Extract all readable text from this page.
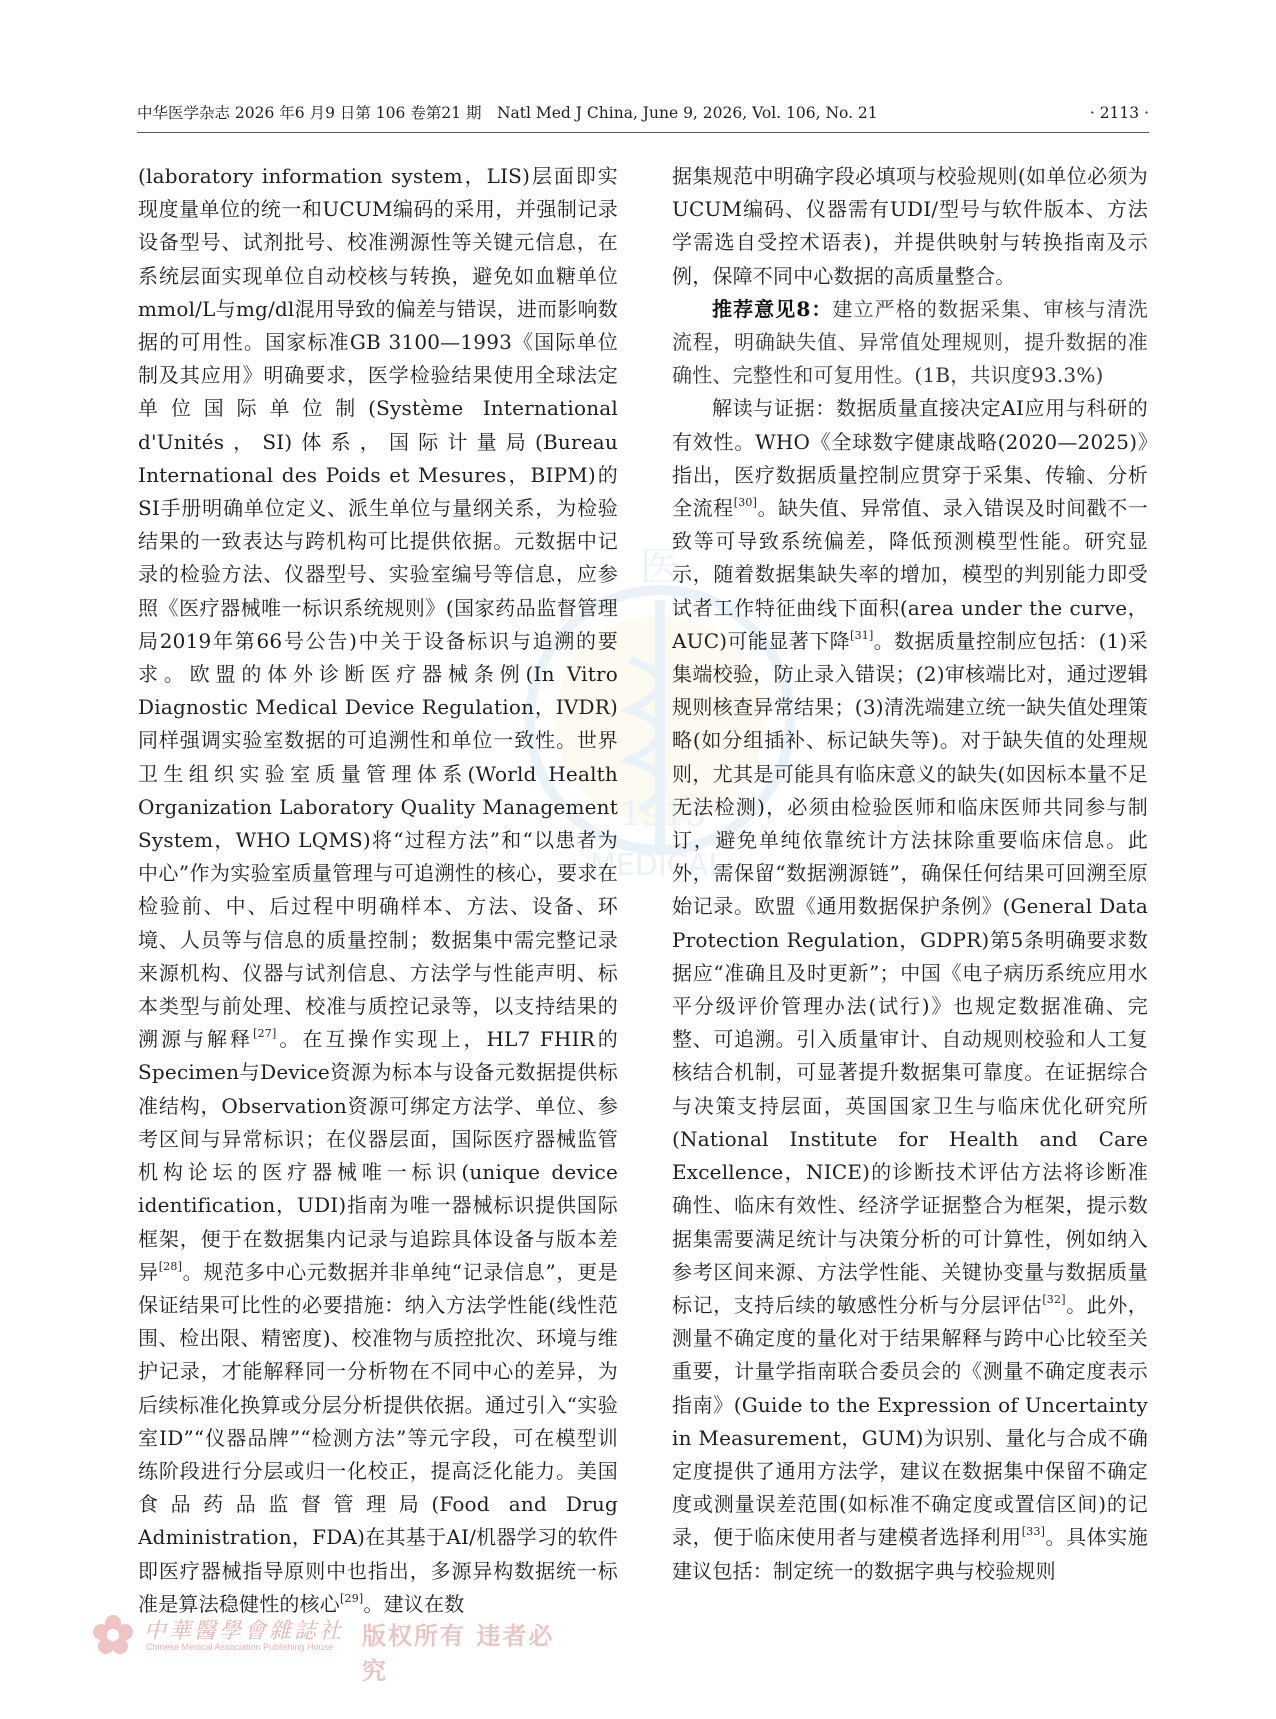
中华医学杂志 2026 年6 月9 日第 106 卷第21 期　Natl Med J China, June 9, 2026, Vol. 106, No. 21	· 2113 ·
医
1915
MEDICAL

(laboratory information system，LIS)层面即实现度量单位的统一和UCUM编码的采用，并强制记录设备型号、试剂批号、校准溯源性等关键元信息，在系统层面实现单位自动校核与转换，避免如血糖单位mmol/L与mg/dl混用导致的偏差与错误，进而影响数据的可用性。国家标准GB 3100—1993《国际单位制及其应用》明确要求，医学检验结果使用全球法定单位国际单位制(Système International d'Unités，SI)体系，国际计量局(Bureau International des Poids et Mesures，BIPM)的SI手册明确单位定义、派生单位与量纲关系，为检验结果的一致表达与跨机构可比提供依据。元数据中记录的检验方法、仪器型号、实验室编号等信息，应参照《医疗器械唯一标识系统规则》(国家药品监督管理局2019年第66号公告)中关于设备标识与追溯的要求。欧盟的体外诊断医疗器械条例(In Vitro Diagnostic Medical Device Regulation，IVDR)同样强调实验室数据的可追溯性和单位一致性。世界卫生组织实验室质量管理体系(World Health Organization Laboratory Quality Management System，WHO LQMS)将“过程方法”和“以患者为中心”作为实验室质量管理与可追溯性的核心，要求在检验前、中、后过程中明确样本、方法、设备、环境、人员等与信息的质量控制；数据集中需完整记录来源机构、仪器与试剂信息、方法学与性能声明、标本类型与前处理、校准与质控记录等，以支持结果的溯源与解释[27]。在互操作实现上，HL7 FHIR的Specimen与Device资源为标本与设备元数据提供标准结构，Observation资源可绑定方法学、单位、参考区间与异常标识；在仪器层面，国际医疗器械监管机构论坛的医疗器械唯一标识(unique device identification，UDI)指南为唯一器械标识提供国际框架，便于在数据集内记录与追踪具体设备与版本差异[28]。规范多中心元数据并非单纯“记录信息”，更是保证结果可比性的必要措施：纳入方法学性能(线性范围、检出限、精密度)、校准物与质控批次、环境与维护记录，才能解释同一分析物在不同中心的差异，为后续标准化换算或分层分析提供依据。通过引入“实验室ID”“仪器品牌”“检测方法”等元字段，可在模型训练阶段进行分层或归一化校正，提高泛化能力。美国食品药品监督管理局(Food and Drug Administration，FDA)在其基于AI/机器学习的软件即医疗器械指导原则中也指出，多源异构数据统一标准是算法稳健性的核心[29]。建议在数

据集规范中明确字段必填项与校验规则(如单位必须为UCUM编码、仪器需有UDI/型号与软件版本、方法学需选自受控术语表)，并提供映射与转换指南及示例，保障不同中心数据的高质量整合。

推荐意见8：建立严格的数据采集、审核与清洗流程，明确缺失值、异常值处理规则，提升数据的准确性、完整性和可复用性。(1B，共识度93.3%)

解读与证据：数据质量直接决定AI应用与科研的有效性。WHO《全球数字健康战略(2020—2025)》指出，医疗数据质量控制应贯穿于采集、传输、分析全流程[30]。缺失值、异常值、录入错误及时间戳不一致等可导致系统偏差，降低预测模型性能。研究显示，随着数据集缺失率的增加，模型的判别能力即受试者工作特征曲线下面积(area under the curve，AUC)可能显著下降[31]。数据质量控制应包括：(1)采集端校验，防止录入错误；(2)审核端比对，通过逻辑规则核查异常结果；(3)清洗端建立统一缺失值处理策略(如分组插补、标记缺失等)。对于缺失值的处理规则，尤其是可能具有临床意义的缺失(如因标本量不足无法检测)，必须由检验医师和临床医师共同参与制订，避免单纯依靠统计方法抹除重要临床信息。此外，需保留“数据溯源链”，确保任何结果可回溯至原始记录。欧盟《通用数据保护条例》(General Data Protection Regulation，GDPR)第5条明确要求数据应“准确且及时更新”；中国《电子病历系统应用水平分级评价管理办法(试行)》也规定数据准确、完整、可追溯。引入质量审计、自动规则校验和人工复核结合机制，可显著提升数据集可靠度。在证据综合与决策支持层面，英国国家卫生与临床优化研究所(National Institute for Health and Care Excellence，NICE)的诊断技术评估方法将诊断准确性、临床有效性、经济学证据整合为框架，提示数据集需要满足统计与决策分析的可计算性，例如纳入参考区间来源、方法学性能、关键协变量与数据质量标记，支持后续的敏感性分析与分层评估[32]。此外，测量不确定度的量化对于结果解释与跨中心比较至关重要，计量学指南联合委员会的《测量不确定度表示指南》(Guide to the Expression of Uncertainty in Measurement，GUM)为识别、量化与合成不确定度提供了通用方法学，建议在数据集中保留不确定度或测量误差范围(如标准不确定度或置信区间)的记录，便于临床使用者与建模者选择利用[33]。具体实施建议包括：制定统一的数据字典与校验规则

中華醫學會雜誌社
Chinese Medical Association Publishing House 版权所有 违者必究
